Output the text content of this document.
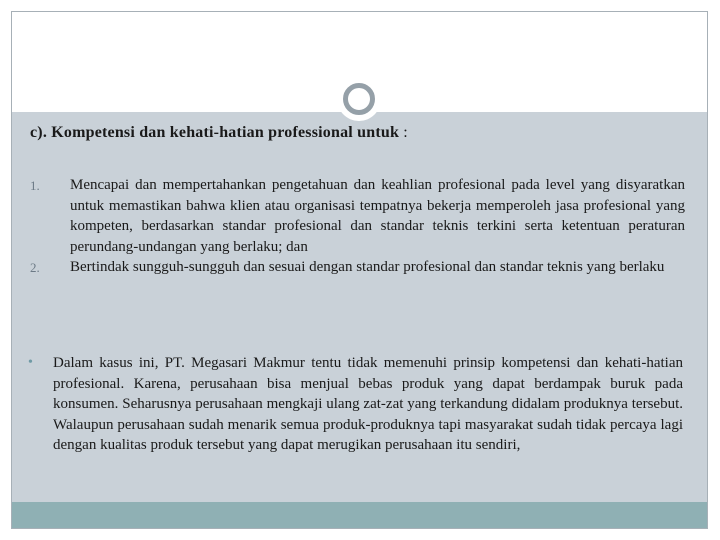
c). Kompetensi dan kehati-hatian professional untuk :
1. Mencapai dan mempertahankan pengetahuan dan keahlian profesional pada level yang disyaratkan untuk memastikan bahwa klien atau organisasi tempatnya bekerja memperoleh jasa profesional yang kompeten, berdasarkan standar profesional dan standar teknis terkini serta ketentuan peraturan perundang-undangan yang berlaku; dan
2. Bertindak sungguh-sungguh dan sesuai dengan standar profesional dan standar teknis yang berlaku
• Dalam kasus ini, PT. Megasari Makmur tentu tidak memenuhi prinsip kompetensi dan kehati-hatian profesional. Karena, perusahaan bisa menjual bebas produk yang dapat berdampak buruk pada konsumen. Seharusnya perusahaan mengkaji ulang zat-zat yang terkandung didalam produknya tersebut. Walaupun perusahaan sudah menarik semua produk-produknya tapi masyarakat sudah tidak percaya lagi dengan kualitas produk tersebut yang dapat merugikan perusahaan itu sendiri,
